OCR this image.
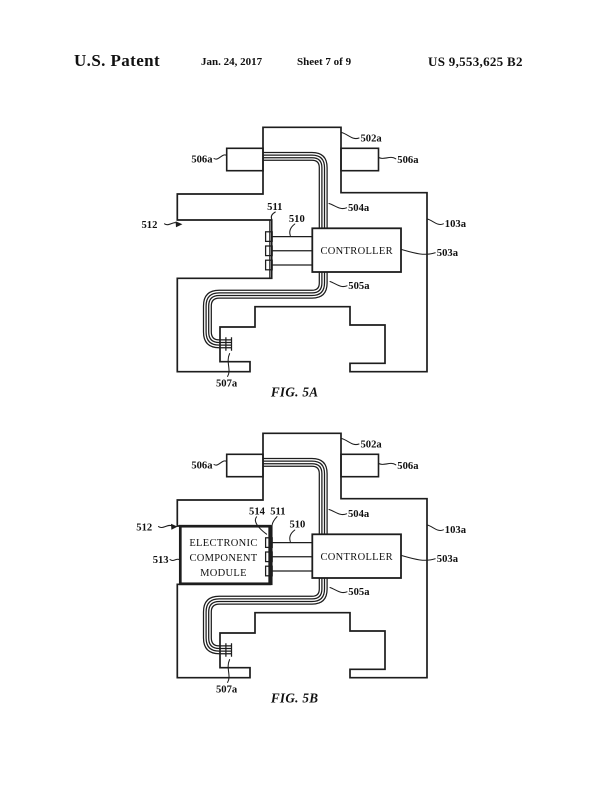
U.S. Patent	Jan. 24, 2017	Sheet 7 of 9	US 9,553,625 B2
CONTROLLER
502a
506a	506a
504a
103a
503a
505a
511
510
512
507a
FIG. 5A
ELECTRONIC
COMPONENT
MODULE
CONTROLLER
502a
506a	506a
504a
103a
503a
505a
514 511
510
512
513
507a
FIG. 5B
